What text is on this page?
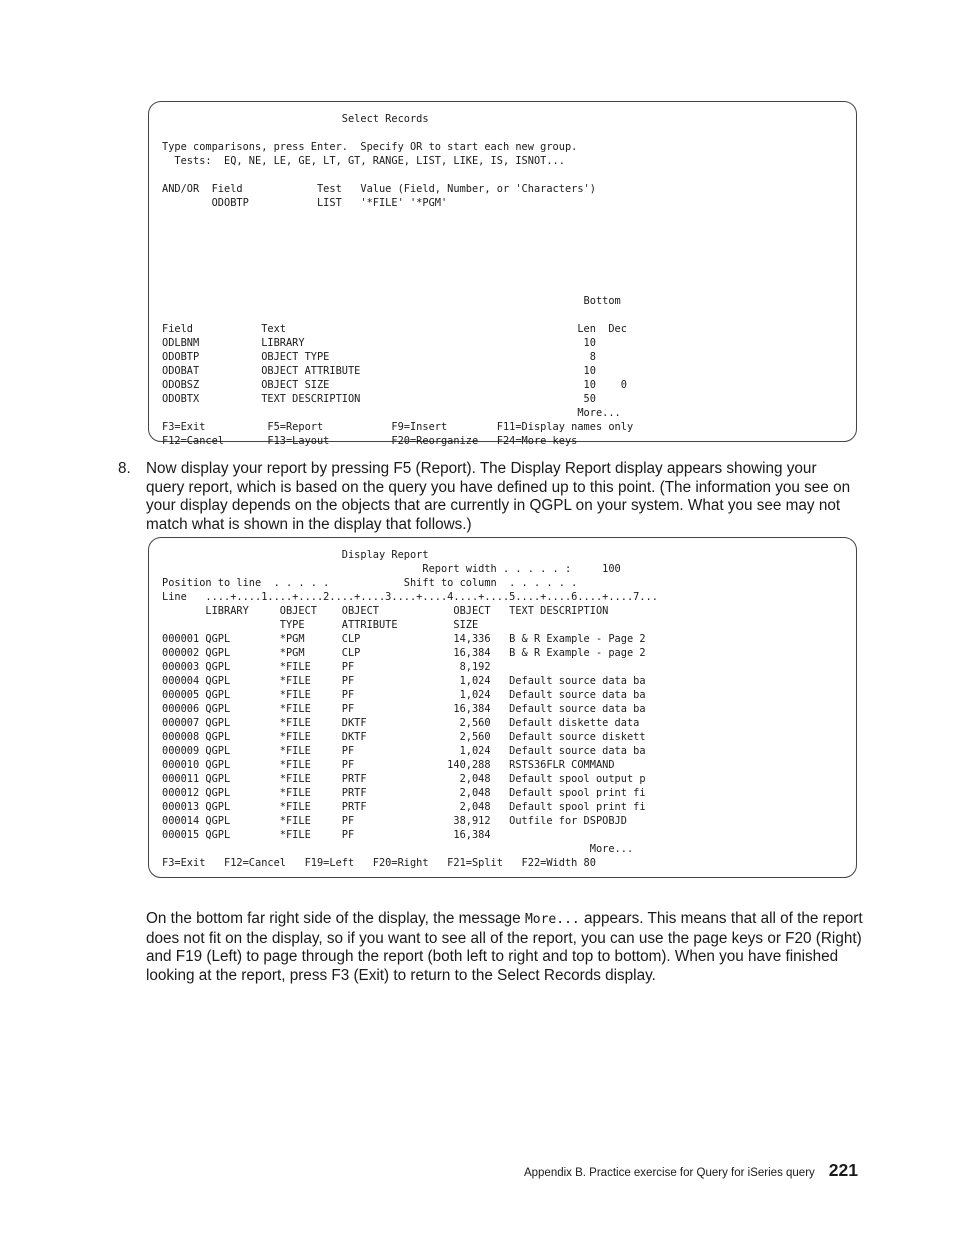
Select Records
Type comparisons, press Enter.  Specify OR to start each new group.
Tests:  EQ, NE, LE, GE, LT, GT, RANGE, LIST, LIKE, IS, ISNOT...
AND/OR  Field            Test   Value (Field, Number, or 'Characters')
ODOBTP           LIST   '*FILE' '*PGM'
Bottom
Field           Text                                               Len  Dec
ODLBNM          LIBRARY                                             10
ODOBTP          OBJECT TYPE                                          8
ODOBAT          OBJECT ATTRIBUTE                                    10
ODOBSZ          OBJECT SIZE                                         10    0
ODOBTX          TEXT DESCRIPTION                                    50
More...
F3=Exit          F5=Report           F9=Insert        F11=Display names only
F12=Cancel       F13=Layout          F20=Reorganize   F24=More keys
8. Now display your report by pressing F5 (Report). The Display Report display appears showing your query report, which is based on the query you have defined up to this point. (The information you see on your display depends on the objects that are currently in QGPL on your system. What you see may not match what is shown in the display that follows.)
Display Report
Report width . . . . . :     100
Position to line  . . . . .            Shift to column  . . . . . .
Line   ....+....1....+....2....+....3....+....4....+....5....+....6....+....7...
LIBRARY     OBJECT    OBJECT            OBJECT   TEXT DESCRIPTION
TYPE      ATTRIBUTE         SIZE
000001 QGPL        *PGM      CLP               14,336   B & R Example - Page 2
000002 QGPL        *PGM      CLP               16,384   B & R Example - page 2
000003 QGPL        *FILE     PF                 8,192
000004 QGPL        *FILE     PF                 1,024   Default source data ba
000005 QGPL        *FILE     PF                 1,024   Default source data ba
000006 QGPL        *FILE     PF                16,384   Default source data ba
000007 QGPL        *FILE     DKTF               2,560   Default diskette data
000008 QGPL        *FILE     DKTF               2,560   Default source diskett
000009 QGPL        *FILE     PF                 1,024   Default source data ba
000010 QGPL        *FILE     PF               140,288   RSTS36FLR COMMAND
000011 QGPL        *FILE     PRTF               2,048   Default spool output p
000012 QGPL        *FILE     PRTF               2,048   Default spool print fi
000013 QGPL        *FILE     PRTF               2,048   Default spool print fi
000014 QGPL        *FILE     PF                38,912   Outfile for DSPOBJD
000015 QGPL        *FILE     PF                16,384
More...
F3=Exit   F12=Cancel   F19=Left   F20=Right   F21=Split   F22=Width 80
On the bottom far right side of the display, the message More... appears. This means that all of the report does not fit on the display, so if you want to see all of the report, you can use the page keys or F20 (Right) and F19 (Left) to page through the report (both left to right and top to bottom). When you have finished looking at the report, press F3 (Exit) to return to the Select Records display.
Appendix B. Practice exercise for Query for iSeries query 221
